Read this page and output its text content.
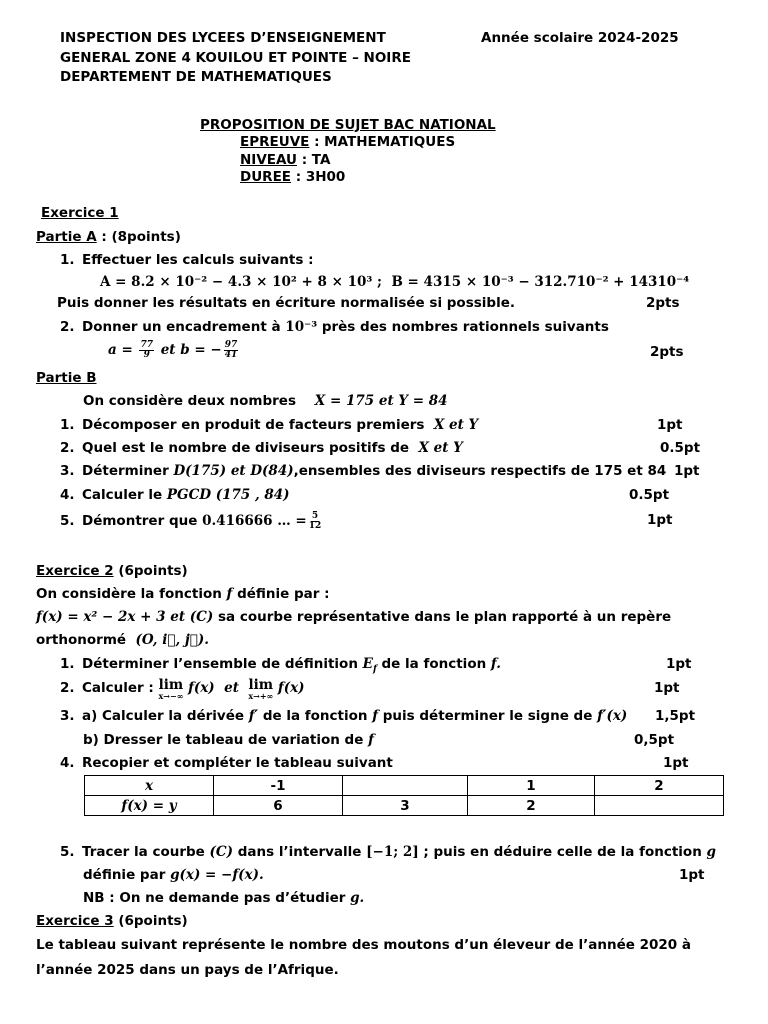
INSPECTION DES LYCEES D’ENSEIGNEMENT
GENERAL ZONE 4 KOUILOU ET POINTE – NOIRE
DEPARTEMENT DE MATHEMATIQUES
Année scolaire 2024-2025
PROPOSITION DE SUJET BAC NATIONAL
EPREUVE : MATHEMATIQUES
NIVEAU : TA
DUREE : 3H00
Exercice 1
Partie A : (8points)
1. Effectuer les calculs suivants :
A = 8.2 × 10⁻² − 4.3 × 10² + 8 × 10³ ; B = 4315 × 10⁻³ − 312.710⁻² + 14310⁻⁴
Puis donner les résultats en écriture normalisée si possible.	2pts
2. Donner un encadrement à 10⁻³ près des nombres rationnels suivants
$a = \frac{77}{9}$ et b = − $\frac{97}{41}$	2pts
Partie B
On considère deux nombres X = 175 et Y = 84
1. Décomposer en produit de facteurs premiers X et Y	1pt
2. Quel est le nombre de diviseurs positifs de X et Y	0.5pt
3. Déterminer D(175) et D(84),ensembles des diviseurs respectifs de 175 et 84 1pt
4. Calculer le PGCD (175 , 84)	0.5pt
5. Démontrer que 0.416666 … = $\frac{5}{12}$	1pt
Exercice 2 (6points)
On considère la fonction f définie par :
f(x) = x² − 2x + 3 et (C) sa courbe représentative dans le plan rapporté à un repère
orthonormé (O, i⃗, j⃗).
1. Déterminer l’ensemble de définition $E_f$ de la fonction f.	1pt
2. Calculer : lim
x→−∞ f(x) et lim
x→+∞ f(x)	1pt
3. a) Calculer la dérivée f′ de la fonction f puis déterminer le signe de f′(x) 1,5pt
b) Dresser le tableau de variation de f	0,5pt
4. Recopier et compléter le tableau suivant	1pt
x	-1		1	2
f(x) = y	6	3	2	
5. Tracer la courbe (C) dans l’intervalle [−1; 2] ; puis en déduire celle de la fonction g
définie par g(x) = −f(x).	1pt
NB : On ne demande pas d’étudier g.
Exercice 3 (6points)
Le tableau suivant représente le nombre des moutons d’un éleveur de l’année 2020 à
l’année 2025 dans un pays de l’Afrique.
